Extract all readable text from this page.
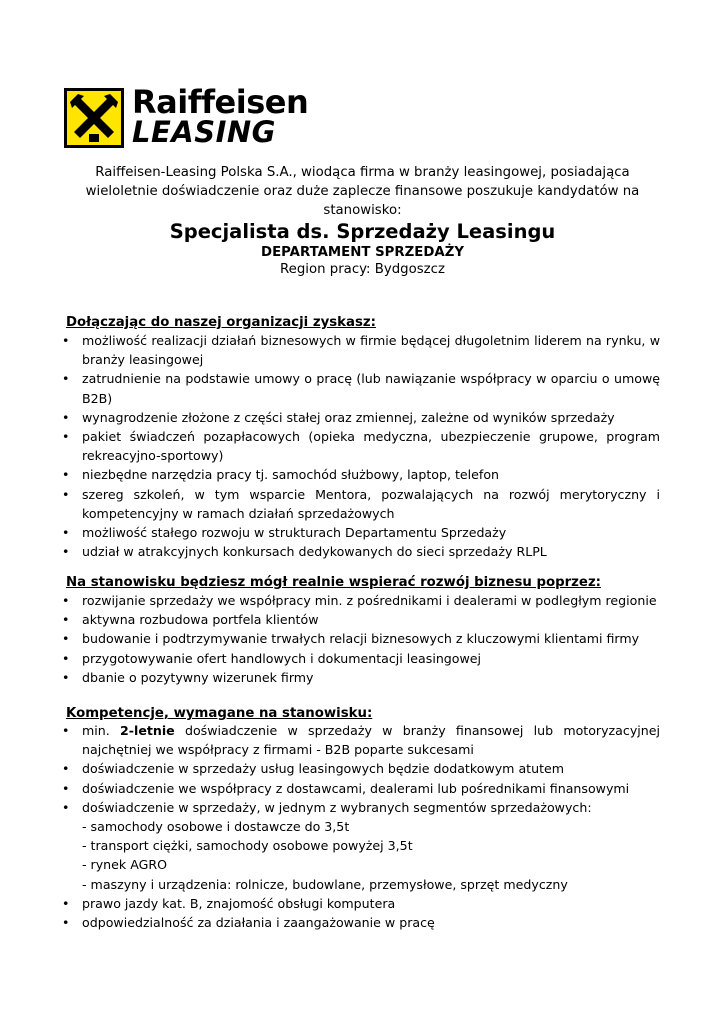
Raiffeisen
LEASING
Raiffeisen-Leasing Polska S.A., wiodąca firma w branży leasingowej, posiadająca wieloletnie doświadczenie oraz duże zaplecze finansowe poszukuje kandydatów na stanowisko:
Specjalista ds. Sprzedaży Leasingu
DEPARTAMENT SPRZEDAŻY
Region pracy: Bydgoszcz
Dołączając do naszej organizacji zyskasz:
• możliwość realizacji działań biznesowych w firmie będącej długoletnim liderem na rynku, w branży leasingowej
• zatrudnienie na podstawie umowy o pracę (lub nawiązanie współpracy w oparciu o umowę B2B)
• wynagrodzenie złożone z części stałej oraz zmiennej, zależne od wyników sprzedaży
• pakiet świadczeń pozapłacowych (opieka medyczna, ubezpieczenie grupowe, program rekreacyjno-sportowy)
• niezbędne narzędzia pracy tj. samochód służbowy, laptop, telefon
• szereg szkoleń, w tym wsparcie Mentora, pozwalających na rozwój merytoryczny i kompetencyjny w ramach działań sprzedażowych
• możliwość stałego rozwoju w strukturach Departamentu Sprzedaży
• udział w atrakcyjnych konkursach dedykowanych do sieci sprzedaży RLPL
Na stanowisku będziesz mógł realnie wspierać rozwój biznesu poprzez:
• rozwijanie sprzedaży we współpracy min. z pośrednikami i dealerami w podległym regionie
• aktywna rozbudowa portfela klientów
• budowanie i podtrzymywanie trwałych relacji biznesowych z kluczowymi klientami firmy
• przygotowywanie ofert handlowych i dokumentacji leasingowej
• dbanie o pozytywny wizerunek firmy
Kompetencje, wymagane na stanowisku:
• min. 2-letnie doświadczenie w sprzedaży w branży finansowej lub motoryzacyjnej najchętniej we współpracy z firmami - B2B poparte sukcesami
• doświadczenie w sprzedaży usług leasingowych będzie dodatkowym atutem
• doświadczenie we współpracy z dostawcami, dealerami lub pośrednikami finansowymi
• doświadczenie w sprzedaży, w jednym z wybranych segmentów sprzedażowych:
- samochody osobowe i dostawcze do 3,5t
- transport ciężki, samochody osobowe powyżej 3,5t
- rynek AGRO
- maszyny i urządzenia: rolnicze, budowlane, przemysłowe, sprzęt medyczny
• prawo jazdy kat. B, znajomość obsługi komputera
• odpowiedzialność za działania i zaangażowanie w pracę
